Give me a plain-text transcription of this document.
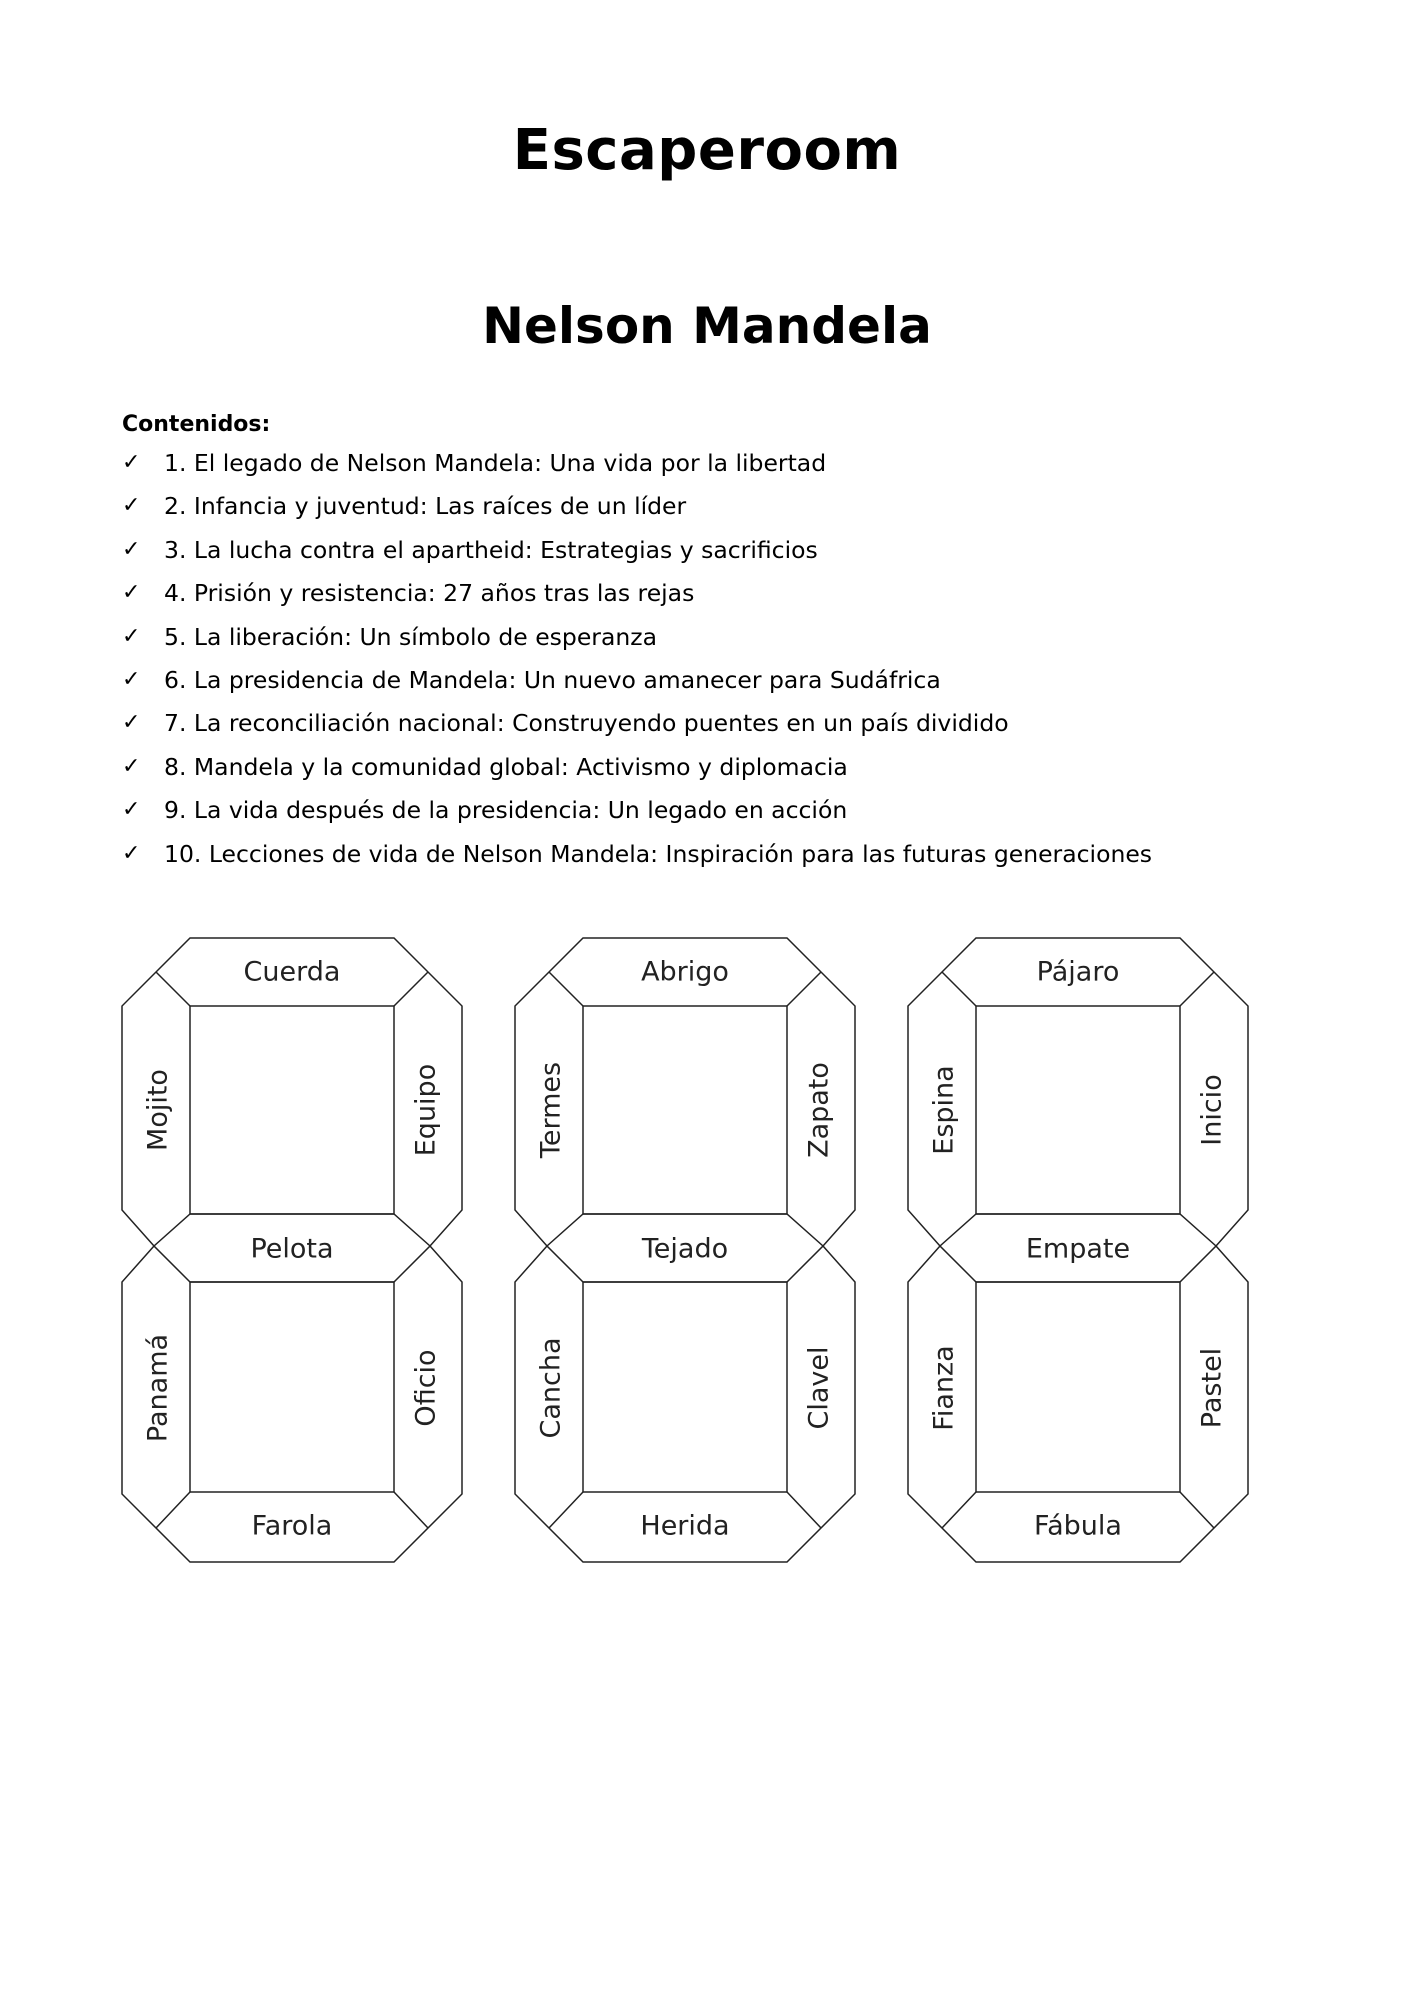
Escaperoom
Nelson Mandela
Contenidos:
✓	1. El legado de Nelson Mandela: Una vida por la libertad
✓	2. Infancia y juventud: Las raíces de un líder
✓	3. La lucha contra el apartheid: Estrategias y sacrificios
✓	4. Prisión y resistencia: 27 años tras las rejas
✓	5. La liberación: Un símbolo de esperanza
✓	6. La presidencia de Mandela: Un nuevo amanecer para Sudáfrica
✓	7. La reconciliación nacional: Construyendo puentes en un país dividido
✓	8. Mandela y la comunidad global: Activismo y diplomacia
✓	9. La vida después de la presidencia: Un legado en acción
✓	10. Lecciones de vida de Nelson Mandela: Inspiración para las futuras generaciones
Cuerda
Mojito	Equipo
Pelota
Panamá	Oficio
Farola
Abrigo
Termes	Zapato
Tejado
Cancha	Clavel
Herida
Pájaro
Espina	Inicio
Empate
Fianza	Pastel
Fábula
